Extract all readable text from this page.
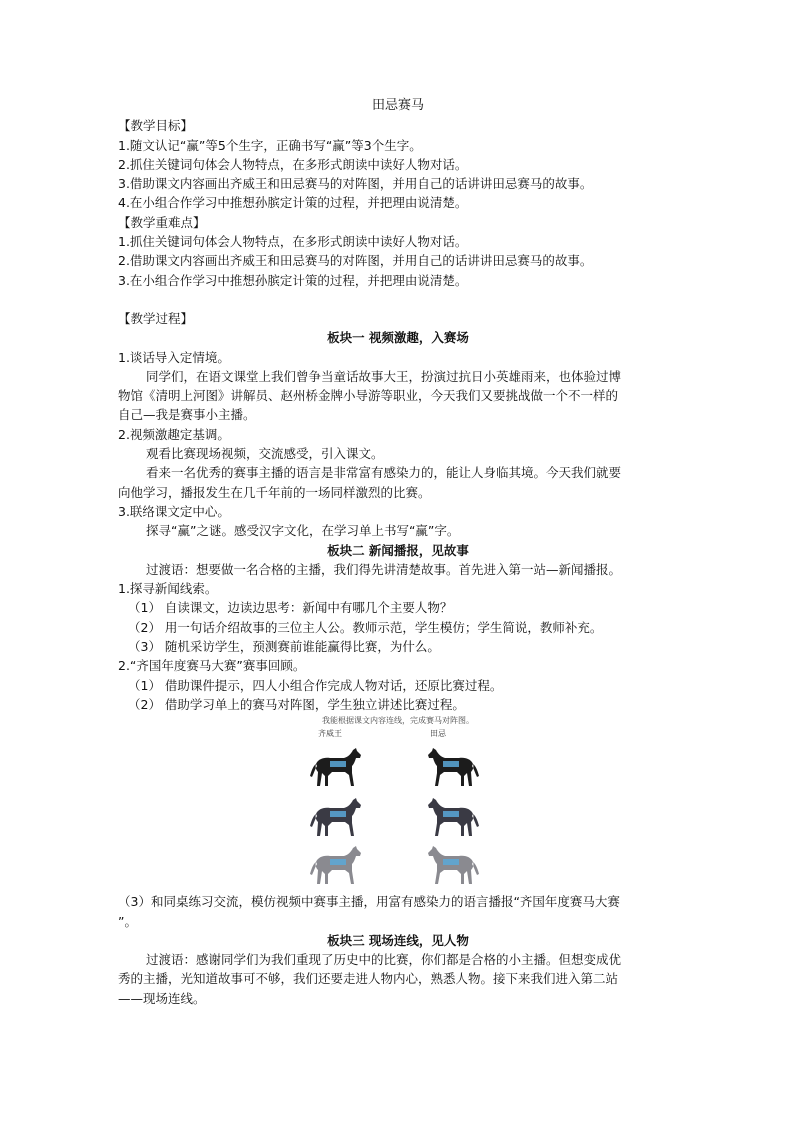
田忌赛马
【教学目标】
1.随文认记“赢”等5个生字，正确书写“赢”等3个生字。
2.抓住关键词句体会人物特点，在多形式朗读中读好人物对话。
3.借助课文内容画出齐威王和田忌赛马的对阵图，并用自己的话讲讲田忌赛马的故事。
4.在小组合作学习中推想孙膑定计策的过程，并把理由说清楚。
【教学重难点】
1.抓住关键词句体会人物特点，在多形式朗读中读好人物对话。
2.借助课文内容画出齐威王和田忌赛马的对阵图，并用自己的话讲讲田忌赛马的故事。
3.在小组合作学习中推想孙膑定计策的过程，并把理由说清楚。
【教学过程】
板块一 视频激趣，入赛场
1.谈话导入定情境。
同学们，在语文课堂上我们曾争当童话故事大王，扮演过抗日小英雄雨来，也体验过博
物馆《清明上河图》讲解员、赵州桥金牌小导游等职业，今天我们又要挑战做一个不一样的
自己—我是赛事小主播。
2.视频激趣定基调。
观看比赛现场视频，交流感受，引入课文。
看来一名优秀的赛事主播的语言是非常富有感染力的，能让人身临其境。今天我们就要
向他学习，播报发生在几千年前的一场同样激烈的比赛。
3.联络课文定中心。
探寻“赢”之谜。感受汉字文化，在学习单上书写“赢”字。
板块二 新闻播报，见故事
过渡语：想要做一名合格的主播，我们得先讲清楚故事。首先进入第一站—新闻播报。
1.探寻新闻线索。
（1） 自读课文，边读边思考：新闻中有哪几个主要人物？
（2） 用一句话介绍故事的三位主人公。教师示范，学生模仿；学生简说，教师补充。
（3） 随机采访学生，预测赛前谁能赢得比赛，为什么。
2.“齐国年度赛马大赛”赛事回顾。
（1） 借助课件提示，四人小组合作完成人物对话，还原比赛过程。
（2） 借助学习单上的赛马对阵图，学生独立讲述比赛过程。
我能根据课文内容连线，完成赛马对阵图。
齐威王	田忌
（3）和同桌练习交流，模仿视频中赛事主播，用富有感染力的语言播报“齐国年度赛马大赛
”。
板块三 现场连线，见人物
过渡语：感谢同学们为我们重现了历史中的比赛，你们都是合格的小主播。但想变成优
秀的主播，光知道故事可不够，我们还要走进人物内心，熟悉人物。接下来我们进入第二站
——现场连线。
